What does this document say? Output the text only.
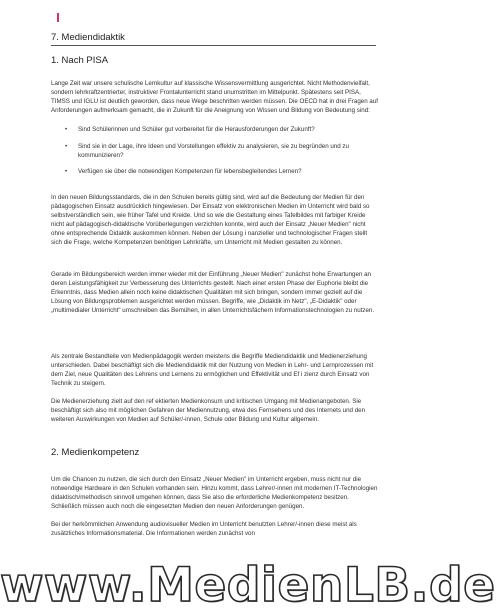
7. Mediendidaktik
1. Nach PISA

Lange Zeit war unsere schulische Lernkultur auf klassische Wissensvermittlung ausgerichtet. Nicht Methodenvielfalt, sondern lehrkraftzentrierter, instruktiver Frontalunterricht stand unumstritten im Mittelpunkt. Spätestens seit PISA, TIMSS und IGLU ist deutlich geworden, dass neue Wege beschritten werden müssen. Die OECD hat in drei Fragen auf Anforderungen aufmerksam gemacht, die in Zukunft für die Aneignung von Wissen und Bildung von Bedeutung sind:

• Sind Schülerinnen und Schüler gut vorbereitet für die Herausforderungen der Zukunft?
• Sind sie in der Lage, ihre Ideen und Vorstellungen effektiv zu analysieren, sie zu begründen und zu kommunizieren?
• Verfügen sie über die notwendigen Kompetenzen für lebensbegleitendes Lernen?

In den neuen Bildungsstandards, die in den Schulen bereits gültig sind, wird auf die Bedeutung der Medien für den pädagogischen Einsatz ausdrücklich hingewiesen. Der Einsatz von elektronischen Medien im Unterricht wird bald so selbstverständlich sein, wie früher Tafel und Kreide. Und so wie die Gestaltung eines Tafelbildes mit farbiger Kreide nicht auf pädagogisch-didaktische Vorüberlegungen verzichten konnte, wird auch der Einsatz „Neuer Medien" nicht ohne entsprechende Didaktik auskommen können. Neben der Lösung i nanzieller und technologischer Fragen stellt sich die Frage, welche Kompetenzen benötigen Lehrkräfte, um Unterricht mit Medien gestalten zu können.

Gerade im Bildungsbereich werden immer wieder mit der Einführung „Neuer Medien" zunächst hohe Erwartungen an deren Leistungsfähigkeit zur Verbesserung des Unterrichts gestellt. Nach einer ersten Phase der Euphorie bleibt die Erkenntnis, dass Medien allein noch keine didaktischen Qualitäten mit sich bringen, sondern immer gezielt auf die Lösung von Bildungsproblemen ausgerichtet werden müssen. Begriffe, wie „Didaktik im Netz", „E-Didaktik" oder „multimedialer Unterricht" umschreiben das Bemühen, in allen Unterrichtsfächern Informationstechnologien zu nutzen.

Als zentrale Bestandteile von Medienpädagogik werden meistens die Begriffe Mediendidaktik und Medienerziehung unterschieden. Dabei beschäftigt sich die Mediendidaktik mit der Nutzung von Medien in Lehr- und Lernprozessen mit dem Ziel, neue Qualitäten des Lehrens und Lernens zu ermöglichen und Effektivität und Ef i zienz durch Einsatz von Technik zu steigern.

Die Medienerziehung zielt auf den ref ektierten Medienkonsum und kritischen Umgang mit Medienangeboten. Sie beschäftigt sich also mit möglichen Gefahren der Mediennutzung, etwa des Fernsehens und des Internets und den weiteren Auswirkungen von Medien auf Schüler/-innen, Schule oder Bildung und Kultur allgemein.

2. Medienkompetenz

Um die Chancen zu nutzen, die sich durch den Einsatz „Neuer Medien" im Unterricht ergeben, muss nicht nur die notwendige Hardware in den Schulen vorhanden sein. Hinzu kommt, dass Lehrer/-innen mit modernen IT-Technologien didaktisch/methodisch sinnvoll umgehen können, dass Sie also die erforderliche Medienkompetenz besitzen. Schließlich müssen auch noch die eingesetzten Medien den neuen Anforderungen genügen.

Bei der herkömmlichen Anwendung audiovisueller Medien im Unterricht benutzten Lehrer/-innen diese meist als zusätzliches Informationsmaterial. Die Informationen werden zunächst von

www.MedienLB.de
